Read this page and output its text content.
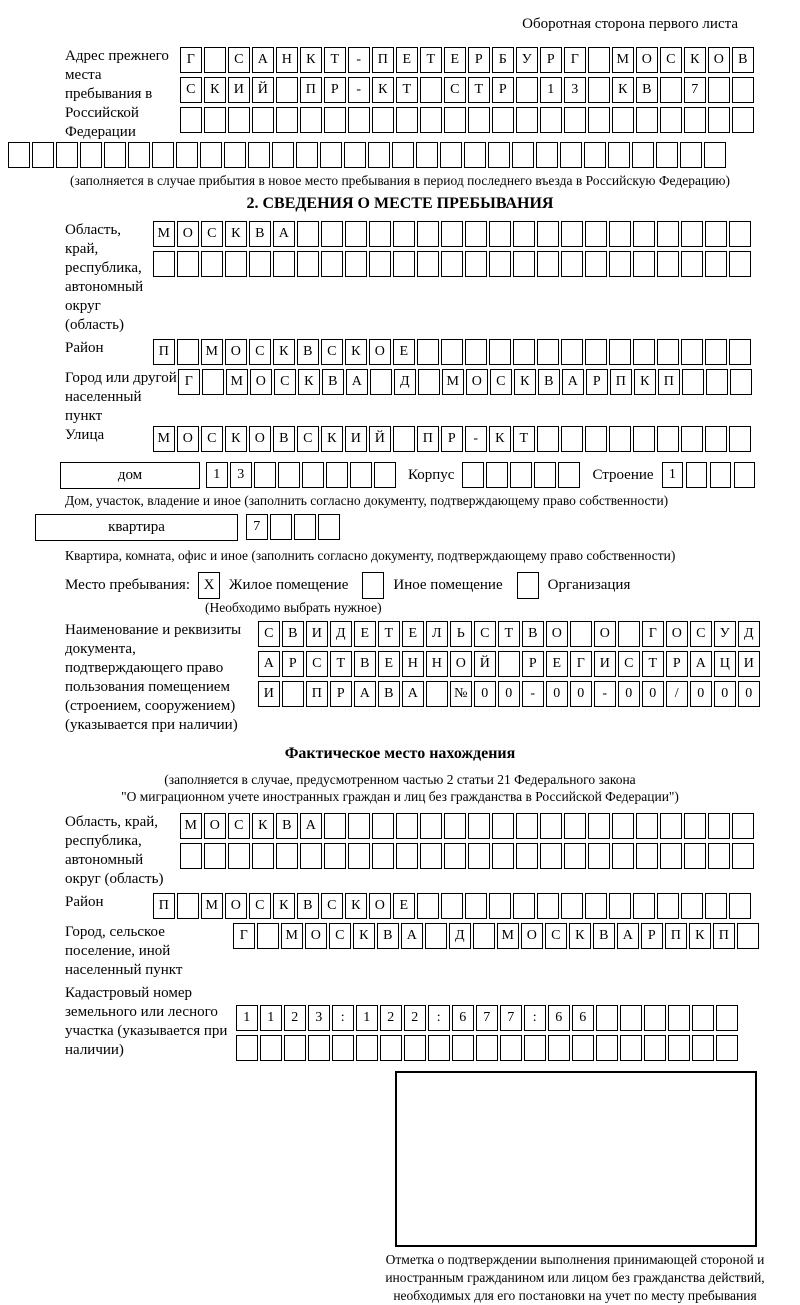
Оборотная сторона первого листа
Адрес прежнего места пребывания в Российской Федерации
Г	С А Н К Т - П Е Т Е Р Б У Р Г	М О С К О В
С К И Й	П Р - К Т	С Т Р	1 3	К В	7
(заполняется в случае прибытия в новое место пребывания в период последнего въезда в Российскую Федерацию)
2. СВЕДЕНИЯ О МЕСТЕ ПРЕБЫВАНИЯ
Область, край, республика, автономный округ (область)
М О С К В А
Район	П	М О С К В С К О Е
Город или другой населенный пункт
Г	М О С К В А	Д	М О С К В А Р П К П
Улица	М О С К О В С К И Й	П Р - К Т
дом	1 3	Корпус	Строение	1
Дом, участок, владение и иное (заполнить согласно документу, подтверждающему право собственности)
квартира	7
Квартира, комната, офис и иное (заполнить согласно документу, подтверждающему право собственности)
Место пребывания: X Жилое помещение	Иное помещение	Организация
(Необходимо выбрать нужное)
Наименование и реквизиты документа, подтверждающего право пользования помещением (строением, сооружением) (указывается при наличии)
С В И Д Е Т Е Л Ь С Т В О	О	Г О С У Д
А Р С Т В Е Н Н О Й	Р Е Г И С Т Р А Ц И
И	П Р А В А	№ 0 0 - 0 0 - 0 0 / 0 0 0
Фактическое место нахождения
(заполняется в случае, предусмотренном частью 2 статьи 21 Федерального закона
"О миграционном учете иностранных граждан и лиц без гражданства в Российской Федерации")
Область, край, республика, автономный округ (область)
М О С К В А
Район	П	М О С К В С К О Е
Город, сельское поселение, иной населенный пункт
Г	М О С К В А	Д	М О С К В А Р П К П
Кадастровый номер земельного или лесного участка (указывается при наличии)
1 1 2 3 : 1 2 2 : 6 7 7 : 6 6
Отметка о подтверждении выполнения принимающей стороной и иностранным гражданином или лицом без гражданства действий, необходимых для его постановки на учет по месту пребывания
